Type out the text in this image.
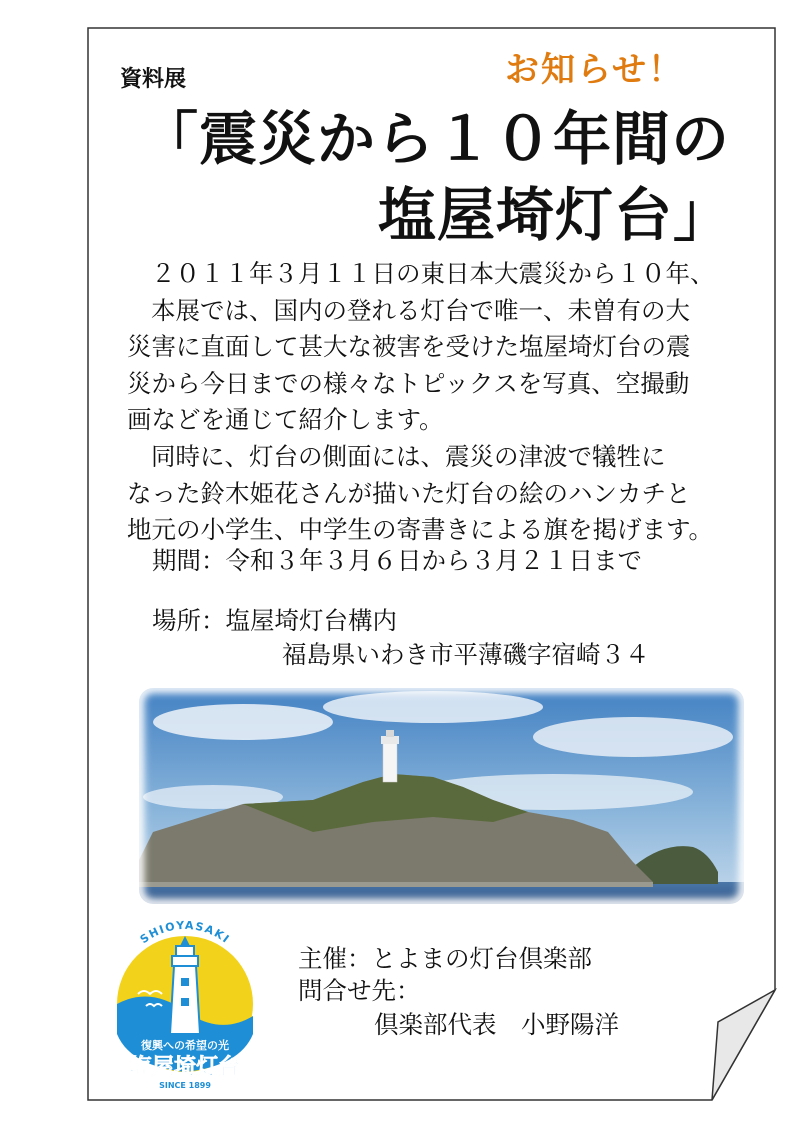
お知らせ！
資料展
「震災から１０年間の
塩屋埼灯台」
２０１１年３月１１日の東日本大震災から１０年、
本展では、国内の登れる灯台で唯一、未曽有の大
災害に直面して甚大な被害を受けた塩屋埼灯台の震
災から今日までの様々なトピックスを写真、空撮動
画などを通じて紹介します。
同時に、灯台の側面には、震災の津波で犠牲に
なった鈴木姫花さんが描いた灯台の絵のハンカチと
地元の小学生、中学生の寄書きによる旗を掲げます。
期間：令和３年３月６日から３月２１日まで
場所：塩屋埼灯台構内
福島県いわき市平薄磯字宿崎３４
主催：とよまの灯台倶楽部
問合せ先：
倶楽部代表　小野陽洋
SHIOYASAKI
復興への希望の光
塩屋埼灯台
SINCE 1899
